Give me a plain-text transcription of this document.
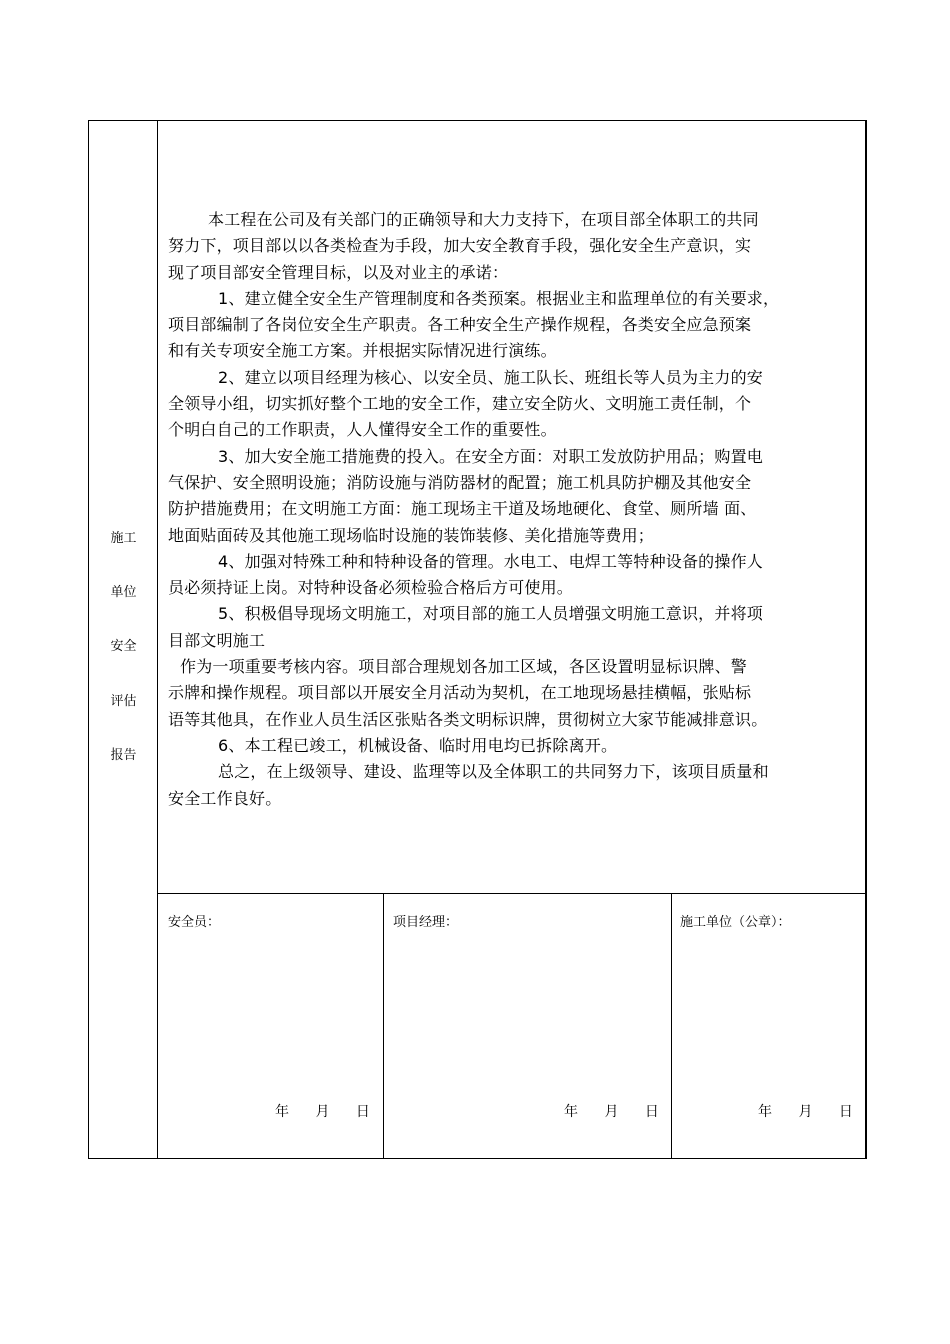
施工
单位
安全
评估
报告

本工程在公司及有关部门的正确领导和大力支持下，在项目部全体职工的共同

努力下，项目部以以各类检查为手段，加大安全教育手段，强化安全生产意识，实

现了项目部安全管理目标，以及对业主的承诺：

1、建立健全安全生产管理制度和各类预案。根据业主和监理单位的有关要求，

项目部编制了各岗位安全生产职责。各工种安全生产操作规程，各类安全应急预案

和有关专项安全施工方案。并根据实际情况进行演练。

2、建立以项目经理为核心、以安全员、施工队长、班组长等人员为主力的安

全领导小组，切实抓好整个工地的安全工作，建立安全防火、文明施工责任制，个

个明白自己的工作职责，人人懂得安全工作的重要性。

3、加大安全施工措施费的投入。在安全方面：对职工发放防护用品；购置电

气保护、安全照明设施；消防设施与消防器材的配置；施工机具防护棚及其他安全

防护措施费用；在文明施工方面：施工现场主干道及场地硬化、食堂、厕所墙 面、

地面贴面砖及其他施工现场临时设施的装饰装修、美化措施等费用；

4、加强对特殊工种和特种设备的管理。水电工、电焊工等特种设备的操作人

员必须持证上岗。对特种设备必须检验合格后方可使用。

5、积极倡导现场文明施工，对项目部的施工人员增强文明施工意识，并将项

目部文明施工

作为一项重要考核内容。项目部合理规划各加工区域，各区设置明显标识牌、警

示牌和操作规程。项目部以开展安全月活动为契机，在工地现场悬挂横幅，张贴标

语等其他具，在作业人员生活区张贴各类文明标识牌，贯彻树立大家节能减排意识。

6、本工程已竣工，机械设备、临时用电均已拆除离开。

总之，在上级领导、建设、监理等以及全体职工的共同努力下，该项目质量和

安全工作良好。

安全员：	项目经理：	施工单位（公章）：
年 月 日	年 月 日	年 月 日
